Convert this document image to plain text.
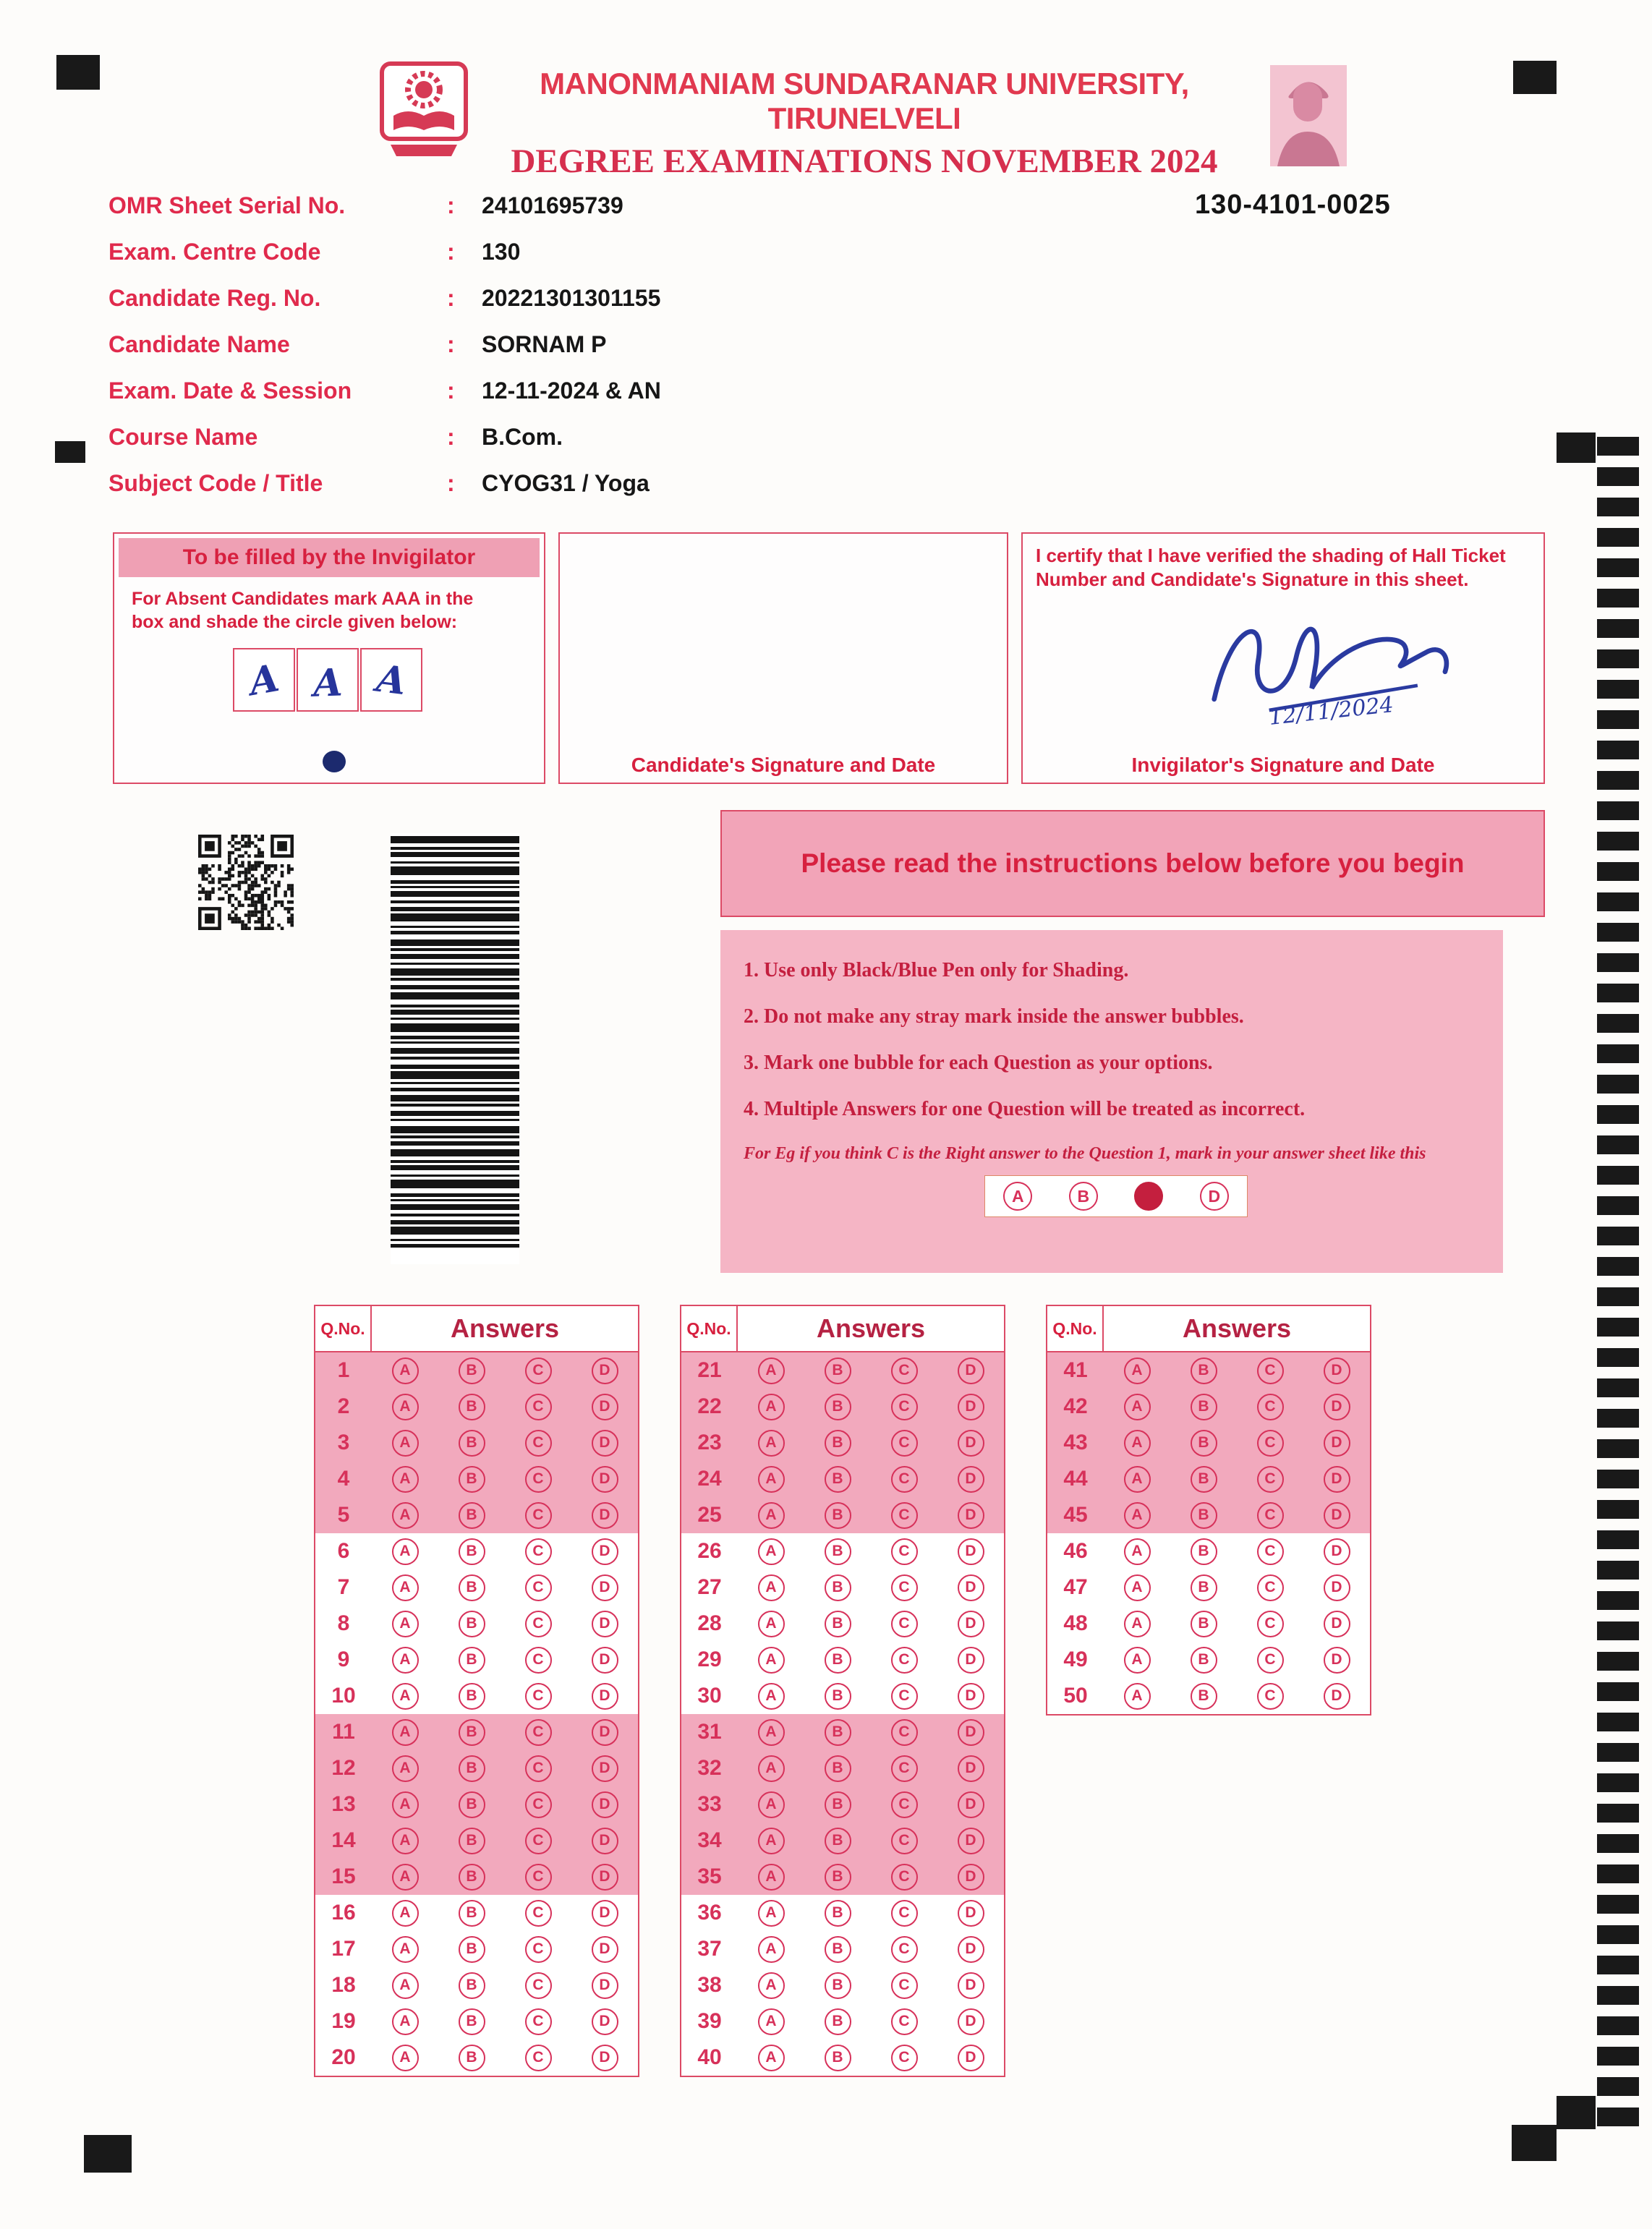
MANONMANIAM SUNDARANAR UNIVERSITY, TIRUNELVELI
DEGREE EXAMINATIONS NOVEMBER 2024
OMR Sheet Serial No.	:	24101695739
Exam. Centre Code	:	130
Candidate Reg. No.	:	20221301301155
Candidate Name	:	SORNAM P
Exam. Date & Session	:	12-11-2024 & AN
Course Name	:	B.Com.
Subject Code / Title	:	CYOG31 / Yoga
130-4101-0025
To be filled by the Invigilator
For Absent Candidates mark AAA in the box and shade the circle given below:
A A A
Candidate's Signature and Date
I certify that I have verified the shading of Hall Ticket Number and Candidate's Signature in this sheet.
12/11/2024
Invigilator's Signature and Date
Please read the instructions below before you begin
1. Use only Black/Blue Pen only for Shading.
2. Do not make any stray mark inside the answer bubbles.
3. Mark one bubble for each Question as your options.
4. Multiple Answers for one Question will be treated as incorrect.
For Eg if you think C is the Right answer to the Question 1, mark in your answer sheet like this
A	B	D
Q.No.	Answers
1	A	B	C	D
2	A	B	C	D
3	A	B	C	D
4	A	B	C	D
5	A	B	C	D
6	A	B	C	D
7	A	B	C	D
8	A	B	C	D
9	A	B	C	D
10	A	B	C	D
11	A	B	C	D
12	A	B	C	D
13	A	B	C	D
14	A	B	C	D
15	A	B	C	D
16	A	B	C	D
17	A	B	C	D
18	A	B	C	D
19	A	B	C	D
20	A	B	C	D
Q.No.	Answers
21	A	B	C	D
22	A	B	C	D
23	A	B	C	D
24	A	B	C	D
25	A	B	C	D
26	A	B	C	D
27	A	B	C	D
28	A	B	C	D
29	A	B	C	D
30	A	B	C	D
31	A	B	C	D
32	A	B	C	D
33	A	B	C	D
34	A	B	C	D
35	A	B	C	D
36	A	B	C	D
37	A	B	C	D
38	A	B	C	D
39	A	B	C	D
40	A	B	C	D
Q.No.	Answers
41	A	B	C	D
42	A	B	C	D
43	A	B	C	D
44	A	B	C	D
45	A	B	C	D
46	A	B	C	D
47	A	B	C	D
48	A	B	C	D
49	A	B	C	D
50	A	B	C	D
